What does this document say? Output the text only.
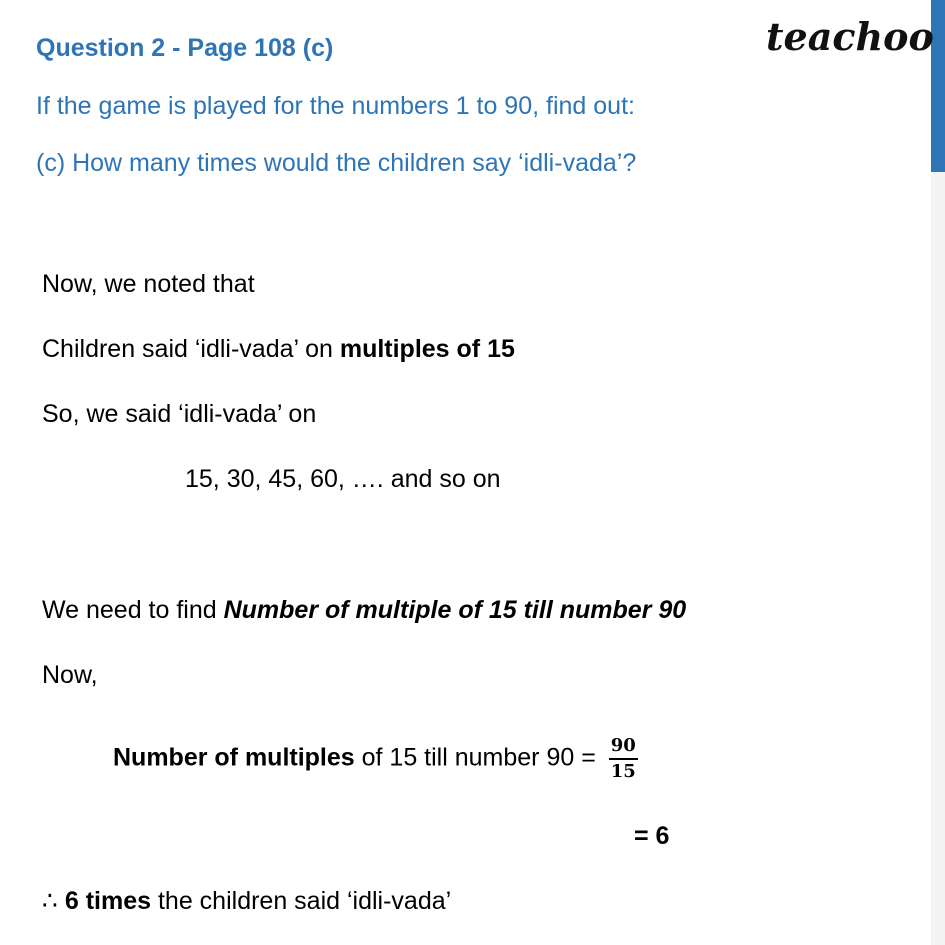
teachoo
Question 2 - Page 108 (c)
If the game is played for the numbers 1 to 90, find out:
(c) How many times would the children say ‘idli-vada’?
Now, we noted that
Children said ‘idli-vada’ on multiples of 15
So, we said ‘idli-vada’ on
15, 30, 45, 60, …. and so on
We need to find Number of multiple of 15 till number 90
Now,
Number of multiples of 15 till number $90 = \frac{90}{15}$
= 6
∴ 6 times the children said ‘idli-vada’
